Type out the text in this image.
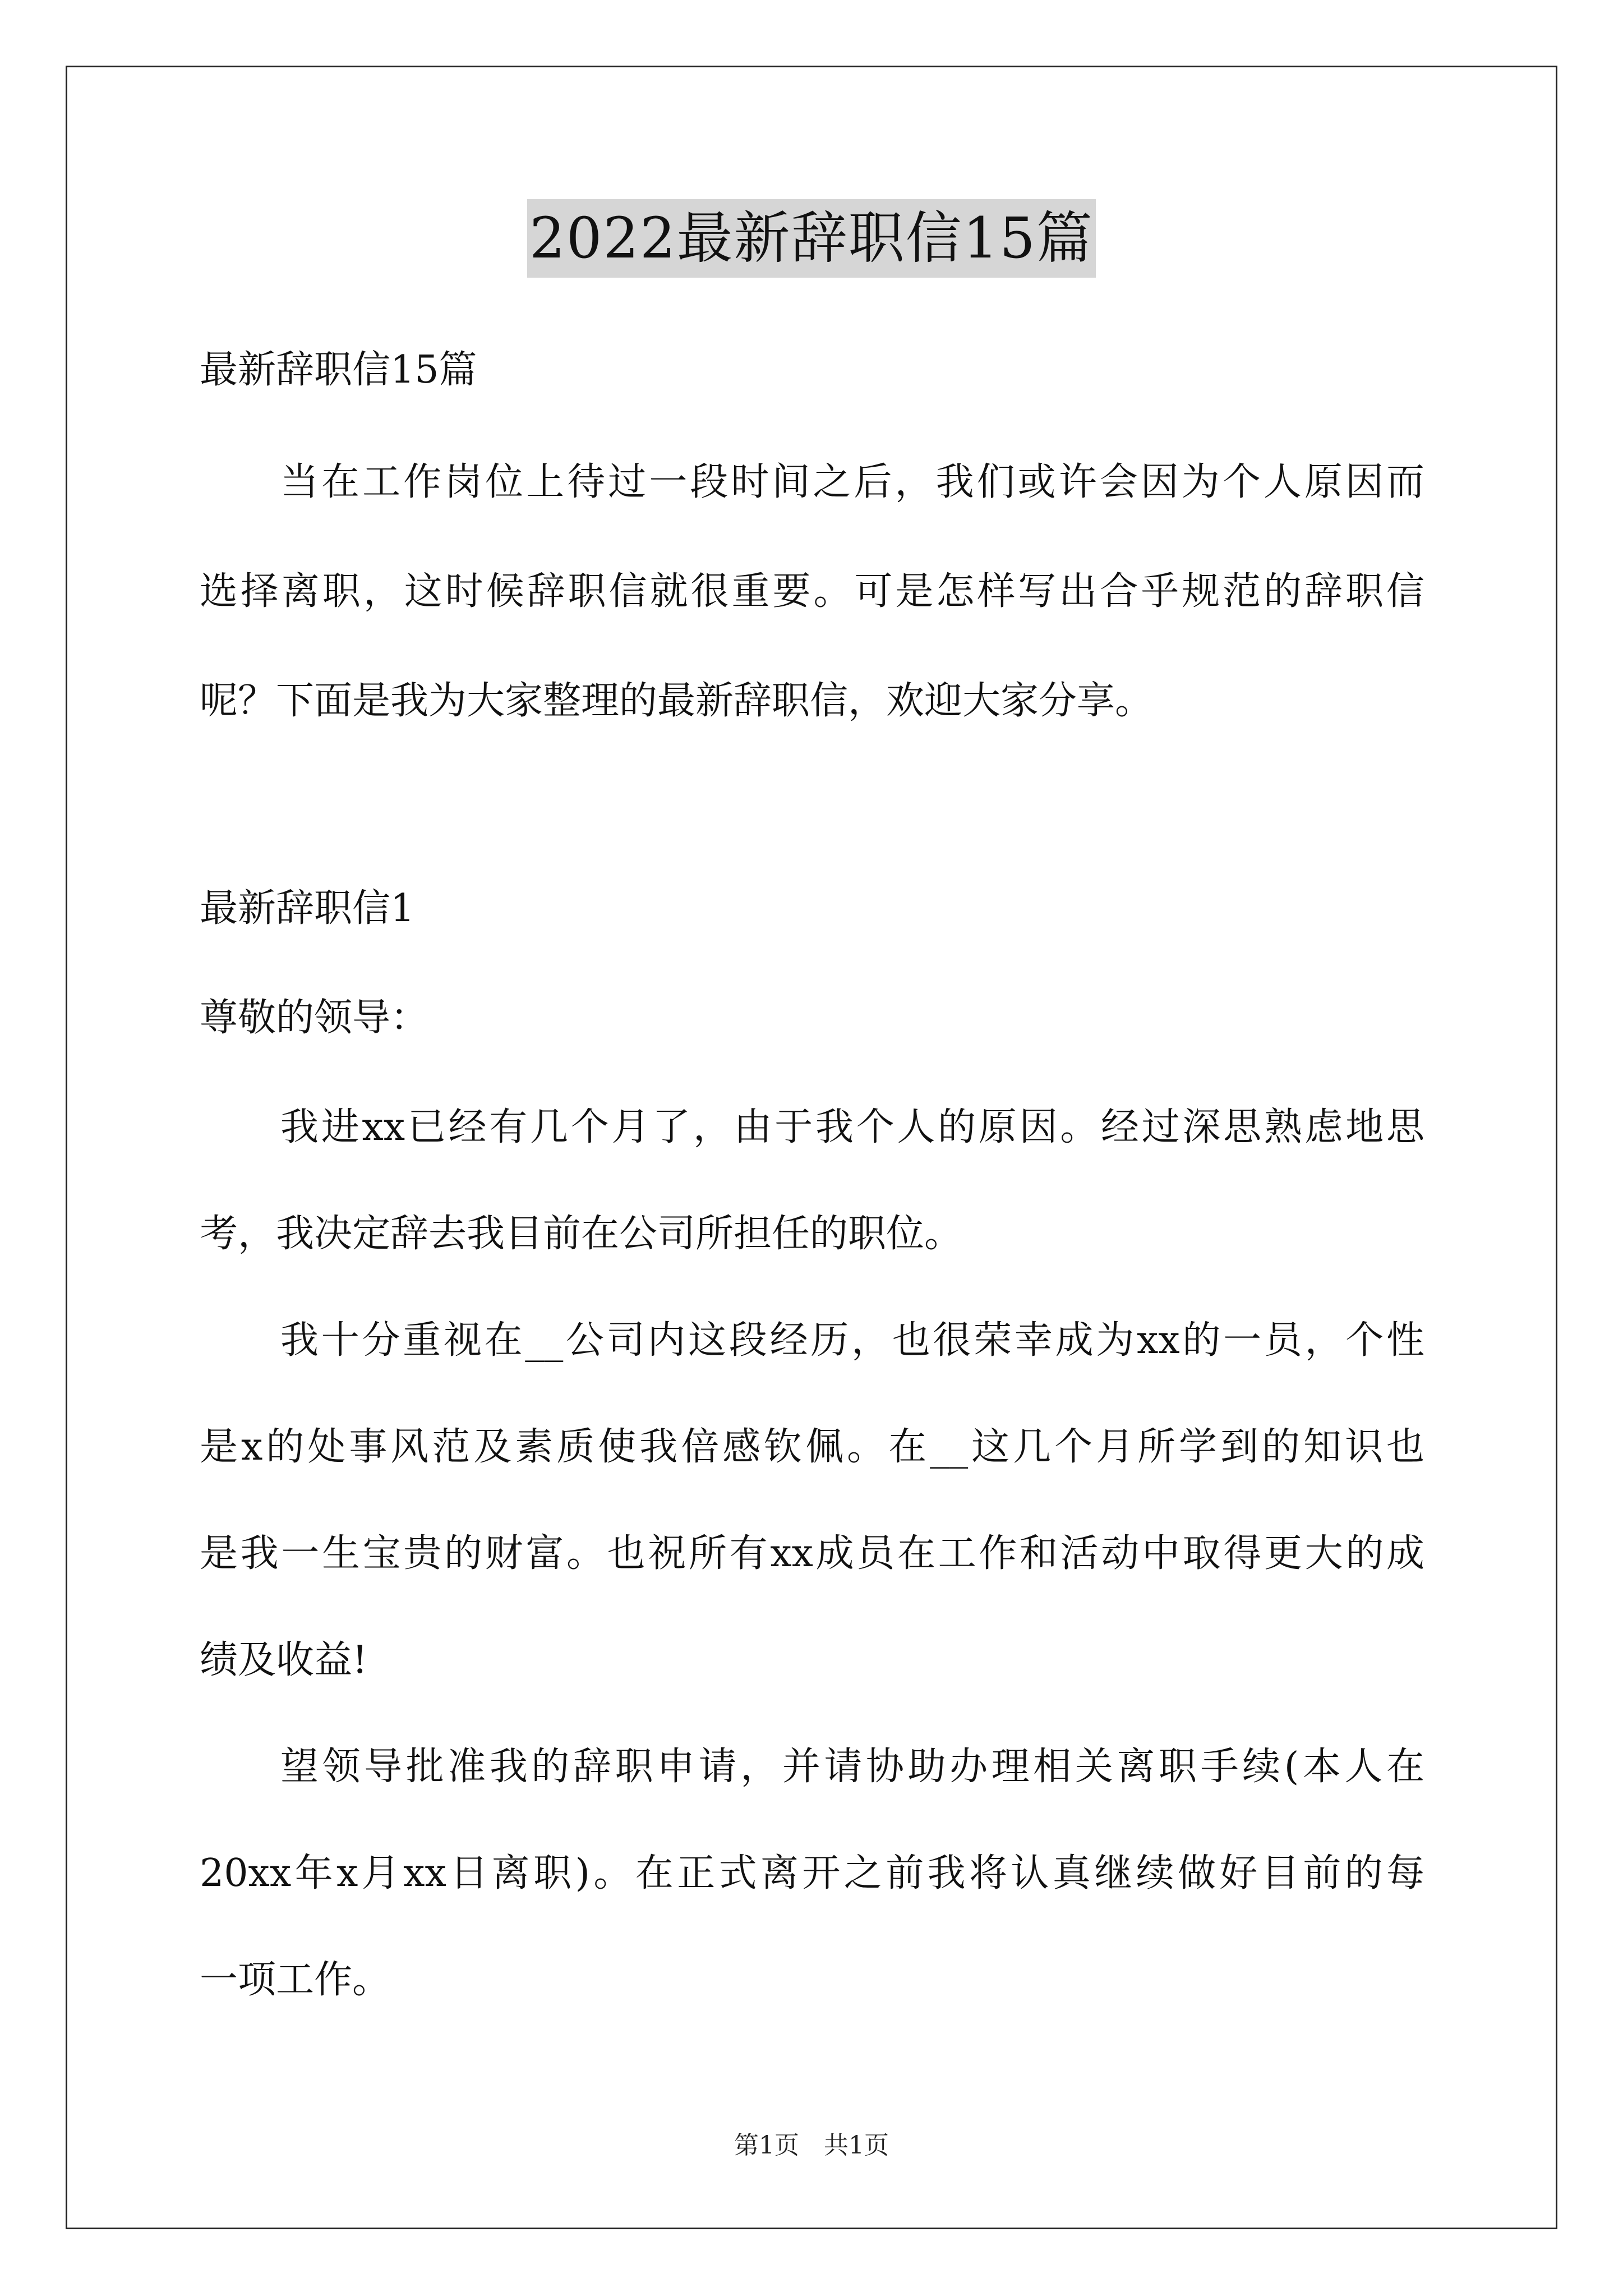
2022最新辞职信15篇
最新辞职信15篇
当在工作岗位上待过一段时间之后，我们或许会因为个人原因而
选择离职，这时候辞职信就很重要。可是怎样写出合乎规范的辞职信
呢？下面是我为大家整理的最新辞职信，欢迎大家分享。
最新辞职信1
尊敬的领导：
我进xx已经有几个月了，由于我个人的原因。经过深思熟虑地思
考，我决定辞去我目前在公司所担任的职位。
我十分重视在__公司内这段经历，也很荣幸成为xx的一员，个性
是x的处事风范及素质使我倍感钦佩。在__这几个月所学到的知识也
是我一生宝贵的财富。也祝所有xx成员在工作和活动中取得更大的成
绩及收益!
望领导批准我的辞职申请，并请协助办理相关离职手续(本人在
20xx年x月xx日离职)。在正式离开之前我将认真继续做好目前的每
一项工作。
第1页　共1页
